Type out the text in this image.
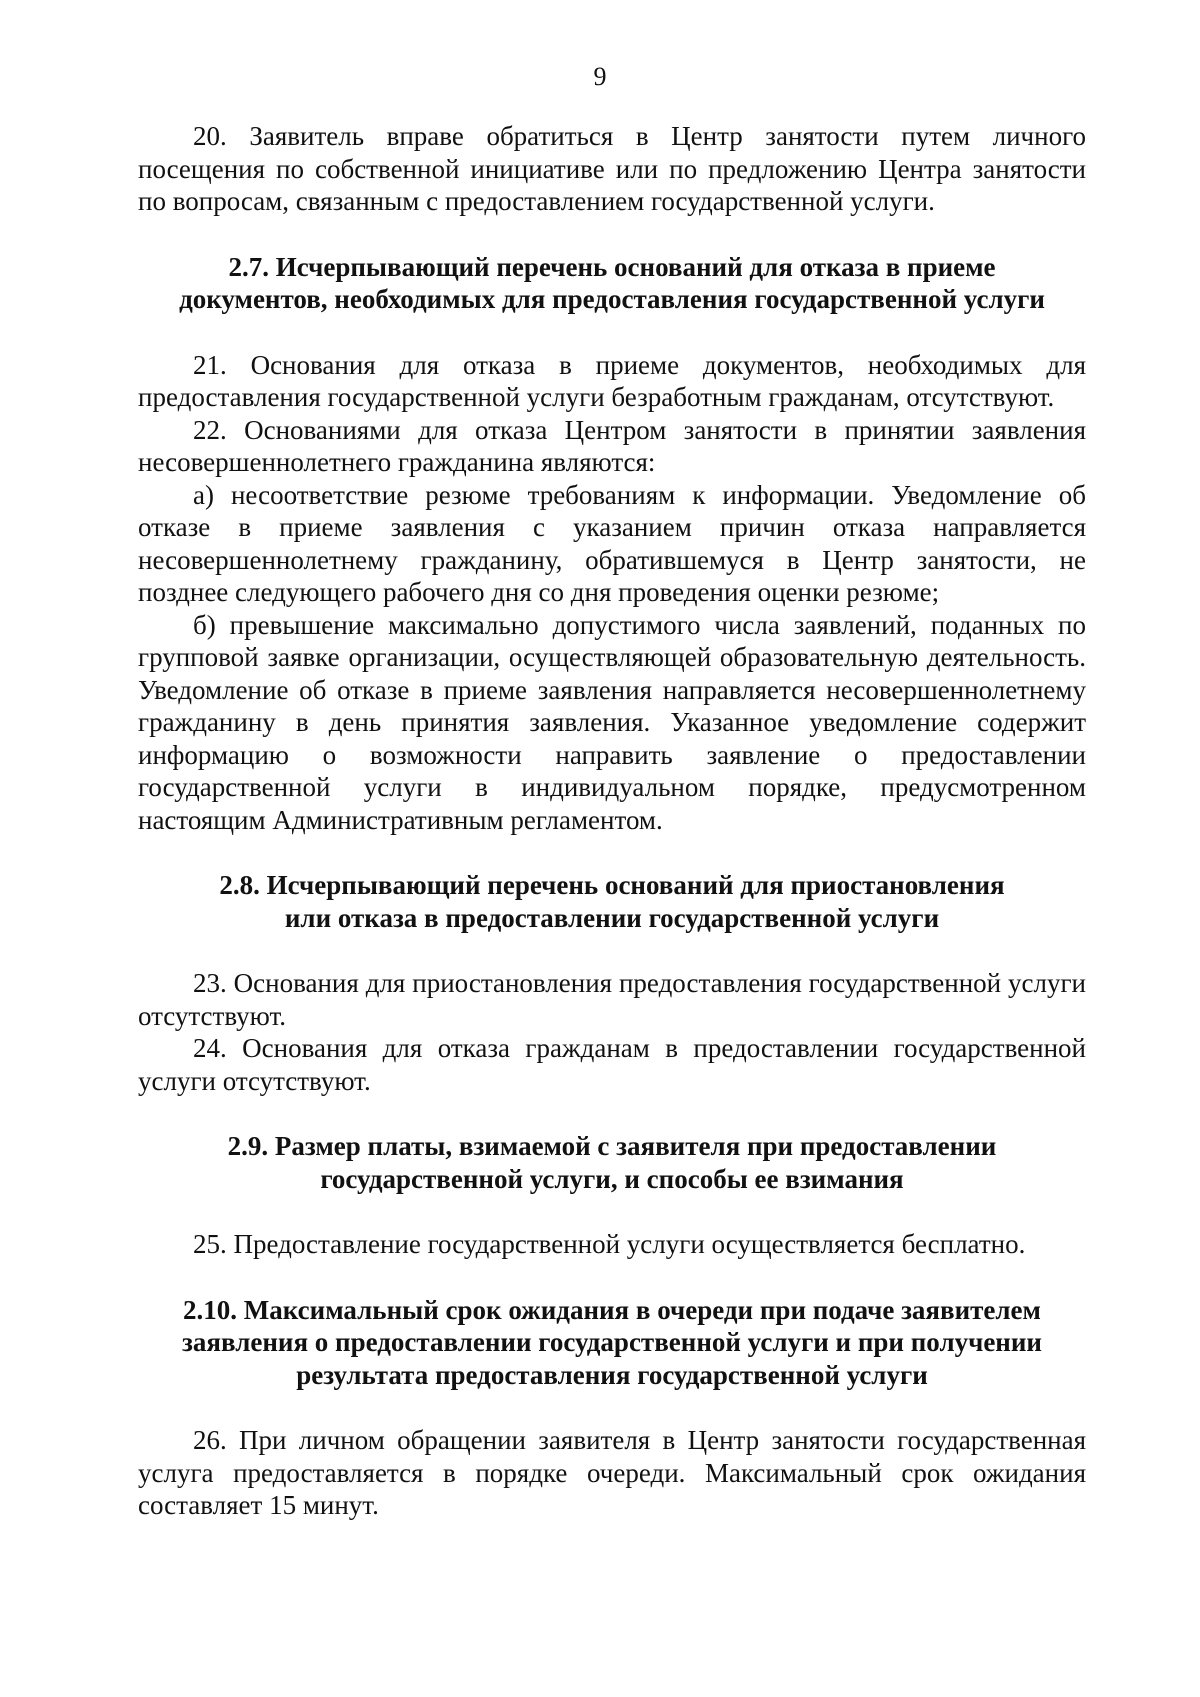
9

20. Заявитель вправе обратиться в Центр занятости путем личного посещения по собственной инициативе или по предложению Центра занятости по вопросам, связанным с предоставлением государственной услуги.

2.7. Исчерпывающий перечень оснований для отказа в приеме
документов, необходимых для предоставления государственной услуги

21. Основания для отказа в приеме документов, необходимых для предоставления государственной услуги безработным гражданам, отсутствуют.

22. Основаниями для отказа Центром занятости в принятии заявления несовершеннолетнего гражданина являются:

а) несоответствие резюме требованиям к информации. Уведомление об отказе в приеме заявления с указанием причин отказа направляется несовершеннолетнему гражданину, обратившемуся в Центр занятости, не позднее следующего рабочего дня со дня проведения оценки резюме;

б) превышение максимально допустимого числа заявлений, поданных по групповой заявке организации, осуществляющей образовательную деятельность. Уведомление об отказе в приеме заявления направляется несовершеннолетнему гражданину в день принятия заявления. Указанное уведомление содержит информацию о возможности направить заявление о предоставлении государственной услуги в индивидуальном порядке, предусмотренном настоящим Административным регламентом.

2.8. Исчерпывающий перечень оснований для приостановления
или отказа в предоставлении государственной услуги

23. Основания для приостановления предоставления государственной услуги отсутствуют.

24. Основания для отказа гражданам в предоставлении государственной услуги отсутствуют.

2.9. Размер платы, взимаемой с заявителя при предоставлении
государственной услуги, и способы ее взимания

25. Предоставление государственной услуги осуществляется бесплатно.

2.10. Максимальный срок ожидания в очереди при подаче заявителем
заявления о предоставлении государственной услуги и при получении
результата предоставления государственной услуги

26. При личном обращении заявителя в Центр занятости государственная услуга предоставляется в порядке очереди. Максимальный срок ожидания составляет 15 минут.
